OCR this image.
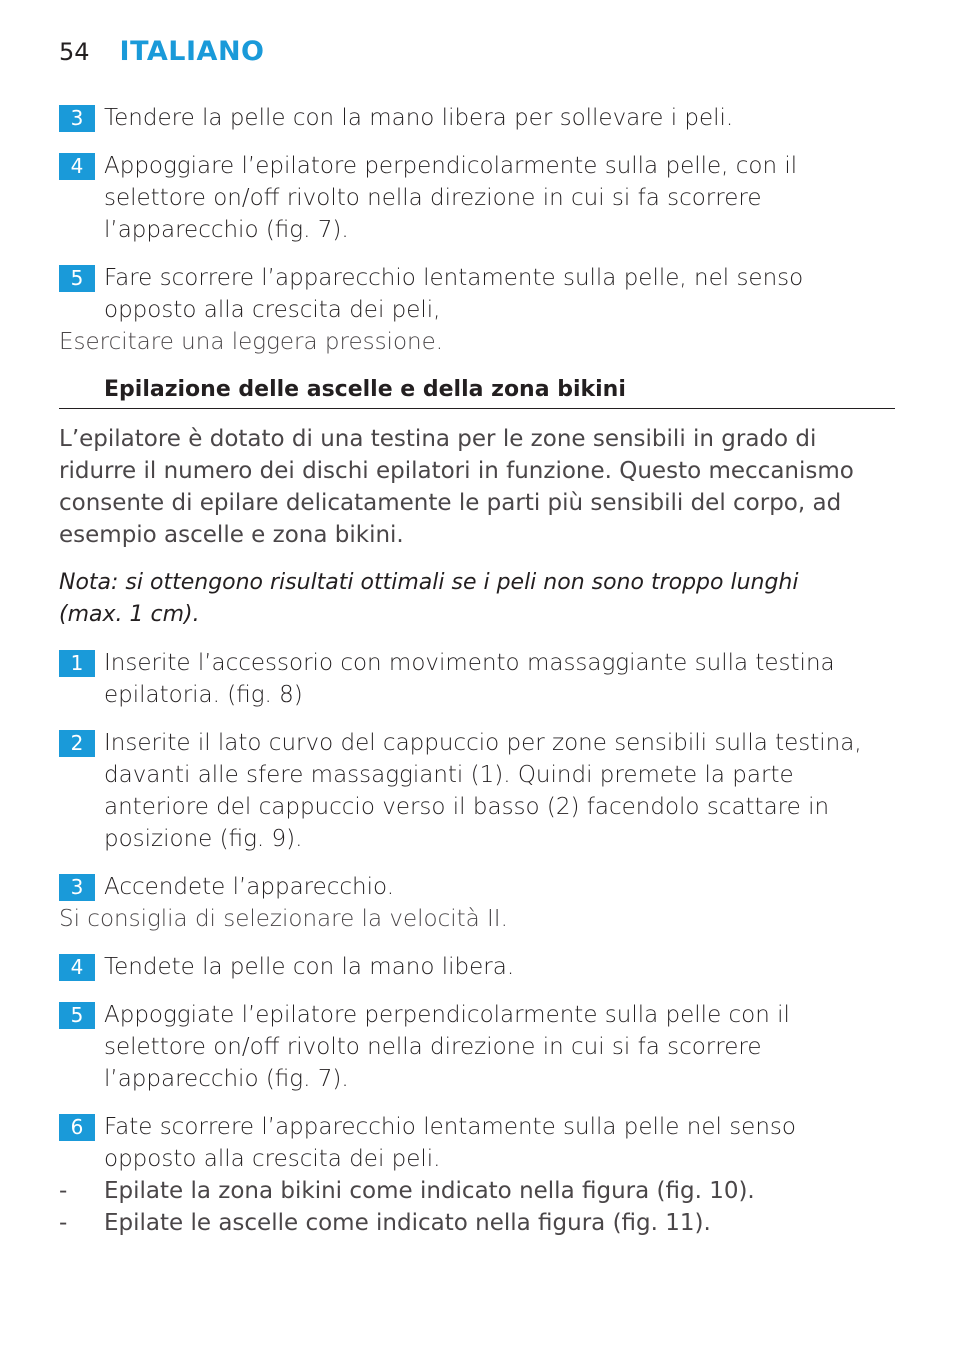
54 ITALIANO
3 Tendere la pelle con la mano libera per sollevare i peli.
4 Appoggiare l’epilatore perpendicolarmente sulla pelle, con il selettore on/off rivolto nella direzione in cui si fa scorrere l’apparecchio (fig. 7).
5 Fare scorrere l’apparecchio lentamente sulla pelle, nel senso opposto alla crescita dei peli,
Esercitare una leggera pressione.
Epilazione delle ascelle e della zona bikini
L’epilatore è dotato di una testina per le zone sensibili in grado di ridurre il numero dei dischi epilatori in funzione. Questo meccanismo consente di epilare delicatamente le parti più sensibili del corpo, ad esempio ascelle e zona bikini.
Nota: si ottengono risultati ottimali se i peli non sono troppo lunghi (max. 1 cm).
1 Inserite l’accessorio con movimento massaggiante sulla testina epilatoria. (fig. 8)
2 Inserite il lato curvo del cappuccio per zone sensibili sulla testina, davanti alle sfere massaggianti (1). Quindi premete la parte anteriore del cappuccio verso il basso (2) facendolo scattare in posizione (fig. 9).
3 Accendete l’apparecchio.
Si consiglia di selezionare la velocità II.
4 Tendete la pelle con la mano libera.
5 Appoggiate l’epilatore perpendicolarmente sulla pelle con il selettore on/off rivolto nella direzione in cui si fa scorrere l’apparecchio (fig. 7).
6 Fate scorrere l’apparecchio lentamente sulla pelle nel senso opposto alla crescita dei peli.
- Epilate la zona bikini come indicato nella figura (fig. 10).
- Epilate le ascelle come indicato nella figura (fig. 11).
